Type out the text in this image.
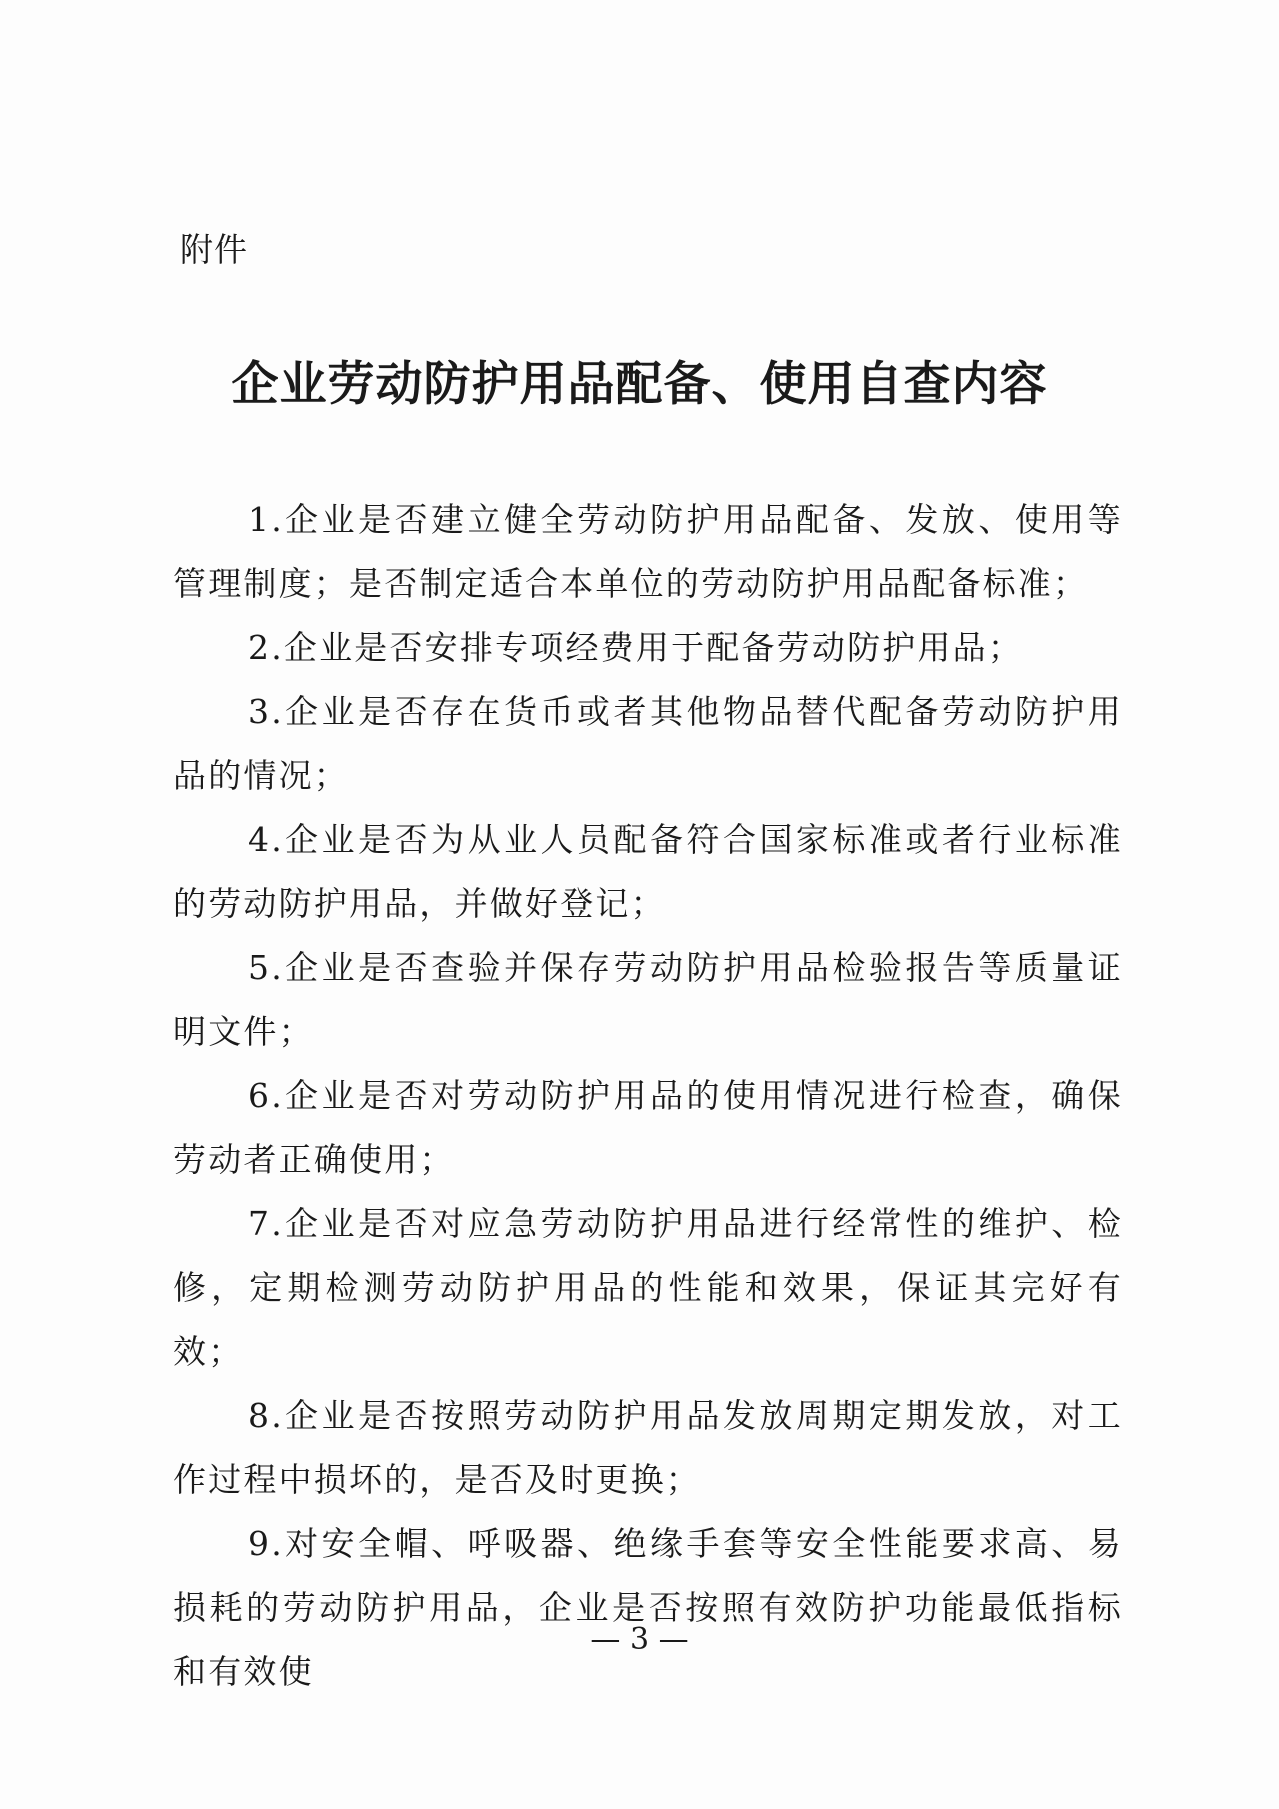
附件
企业劳动防护用品配备、使用自查内容

1.企业是否建立健全劳动防护用品配备、发放、使用等管理制度；是否制定适合本单位的劳动防护用品配备标准；

2.企业是否安排专项经费用于配备劳动防护用品；

3.企业是否存在货币或者其他物品替代配备劳动防护用品的情况；

4.企业是否为从业人员配备符合国家标准或者行业标准的劳动防护用品，并做好登记；

5.企业是否查验并保存劳动防护用品检验报告等质量证明文件；

6.企业是否对劳动防护用品的使用情况进行检查，确保劳动者正确使用；

7.企业是否对应急劳动防护用品进行经常性的维护、检修，定期检测劳动防护用品的性能和效果，保证其完好有效；

8.企业是否按照劳动防护用品发放周期定期发放，对工作过程中损坏的，是否及时更换；

9.对安全帽、呼吸器、绝缘手套等安全性能要求高、易损耗的劳动防护用品，企业是否按照有效防护功能最低指标和有效使

— 3 —
